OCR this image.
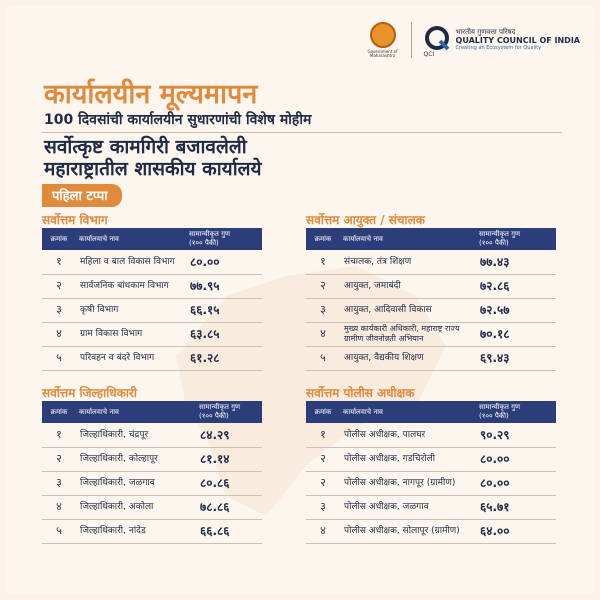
Government of Maharashtra	QCI
भारतीय गुणवत्ता परिषद
QUALITY COUNCIL OF INDIA
Creating an Ecosystem for Quality
कार्यालयीन मूल्यमापन
100 दिवसांची कार्यालयीन सुधारणांची विशेष मोहीम
सर्वोत्कृष्ट कामगिरी बजावलेली
महाराष्ट्रातील शासकीय कार्यालये
पहिला टप्पा
सर्वोत्तम विभाग
क्रमांक	कार्यालयाचे नाव	सामान्यीकृत गुण
(१०० पैकी)
१	महिला व बाल विकास विभाग	८०.००
२	सार्वजनिक बांधकाम विभाग	७७.९५
३	कृषी विभाग	६६.१५
४	ग्राम विकास विभाग	६३.८५
५	परिवहन व बंदरे विभाग	६१.२८
सर्वोत्तम आयुक्त / संचालक
क्रमांक	कार्यालयाचे नाव	सामान्यीकृत गुण
(१०० पैकी)
१	संचालक, तंत्र शिक्षण	७७.४३
२	आयुक्त, जमाबंदी	७२.८६
३	आयुक्त, आदिवासी विकास	७२.५७
४	मुख्य कार्यकारी अधिकारी, महाराष्ट्र राज्य ग्रामीण जीवनोन्नती अभियान	७०.१८
५	आयुक्त, वैद्यकीय शिक्षण	६९.४३
सर्वोत्तम जिल्हाधिकारी
क्रमांक	कार्यालयाचे नाव	सामान्यीकृत गुण
(१०० पैकी)
१	जिल्हाधिकारी, चंद्रपूर	८४.२९
२	जिल्हाधिकारी, कोल्हापूर	८१.१४
३	जिल्हाधिकारी, जळगाव	८०.८६
४	जिल्हाधिकारी, अकोला	७८.८६
५	जिल्हाधिकारी, नांदेड	६६.८६
सर्वोत्तम पोलीस अधीक्षक
क्रमांक	कार्यालयाचे नाव	सामान्यीकृत गुण
(१०० पैकी)
१	पोलीस अधीक्षक, पालघर	९०.२९
२	पोलीस अधीक्षक, गडचिरोली	८०.००
२	पोलीस अधीक्षक, नागपूर (ग्रामीण)	८०.००
३	पोलीस अधीक्षक, जळगाव	६५.७१
४	पोलीस अधीक्षक, सोलापूर (ग्रामीण)	६४.००
